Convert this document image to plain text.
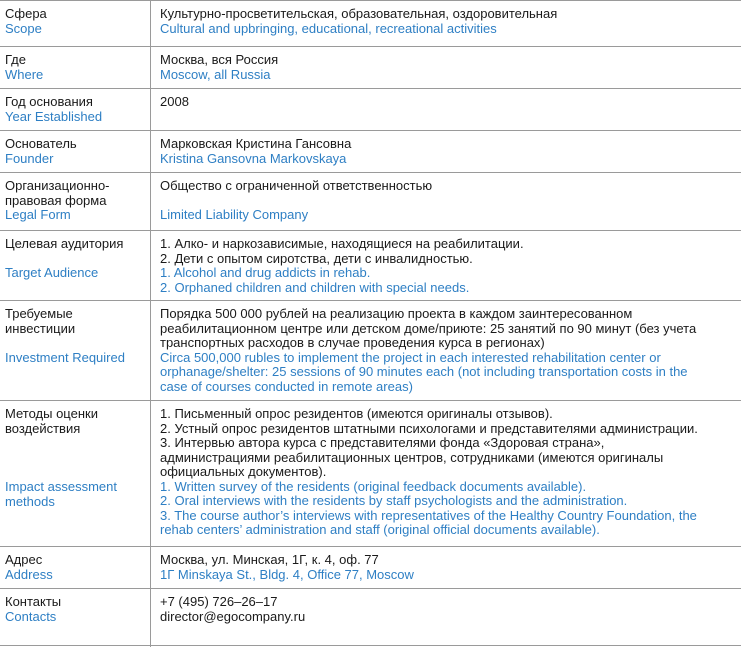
Сфера
Scope
Культурно-просветительская, образовательная, оздоровительная
Cultural and upbringing, educational, recreational activities
Где
Where
Москва, вся Россия
Moscow, all Russia
Год основания
Year Established
2008
Основатель
Founder
Марковская Кристина Гансовна
Kristina Gansovna Markovskaya
Организационно-
правовая форма
Legal Form
Общество с ограниченной ответственностью
Limited Liability Company
Целевая аудитория
Target Audience
1. Алко- и наркозависимые, находящиеся на реабилитации.
2. Дети с опытом сиротства, дети с инвалидностью.
1. Alcohol and drug addicts in rehab.
2. Orphaned children and children with special needs.
Требуемые
инвестиции
Investment Required
Порядка 500 000 рублей на реализацию проекта в каждом заинтересованном
реабилитационном центре или детском доме/приюте: 25 занятий по 90 минут (без учета
транспортных расходов в случае проведения курса в регионах)
Circa 500,000 rubles to implement the project in each interested rehabilitation center or
orphanage/shelter: 25 sessions of 90 minutes each (not including transportation costs in the
case of courses conducted in remote areas)
Методы оценки
воздействия
Impact assessment
methods
1. Письменный опрос резидентов (имеются оригиналы отзывов).
2. Устный опрос резидентов штатными психологами и представителями администрации.
3. Интервью автора курса с представителями фонда «Здоровая страна»,
администрациями реабилитационных центров, сотрудниками (имеются оригиналы
официальных документов).
1. Written survey of the residents (original feedback documents available).
2. Oral interviews with the residents by staff psychologists and the administration.
3. The course author’s interviews with representatives of the Healthy Country Foundation, the
rehab centers’ administration and staff (original official documents available).
Адрес
Address
Москва, ул. Минская, 1Г, к. 4, оф. 77
1Г Minskaya St., Bldg. 4, Office 77, Moscow
Контакты
Contacts
+7 (495) 726–26–17
director@egocompany.ru
